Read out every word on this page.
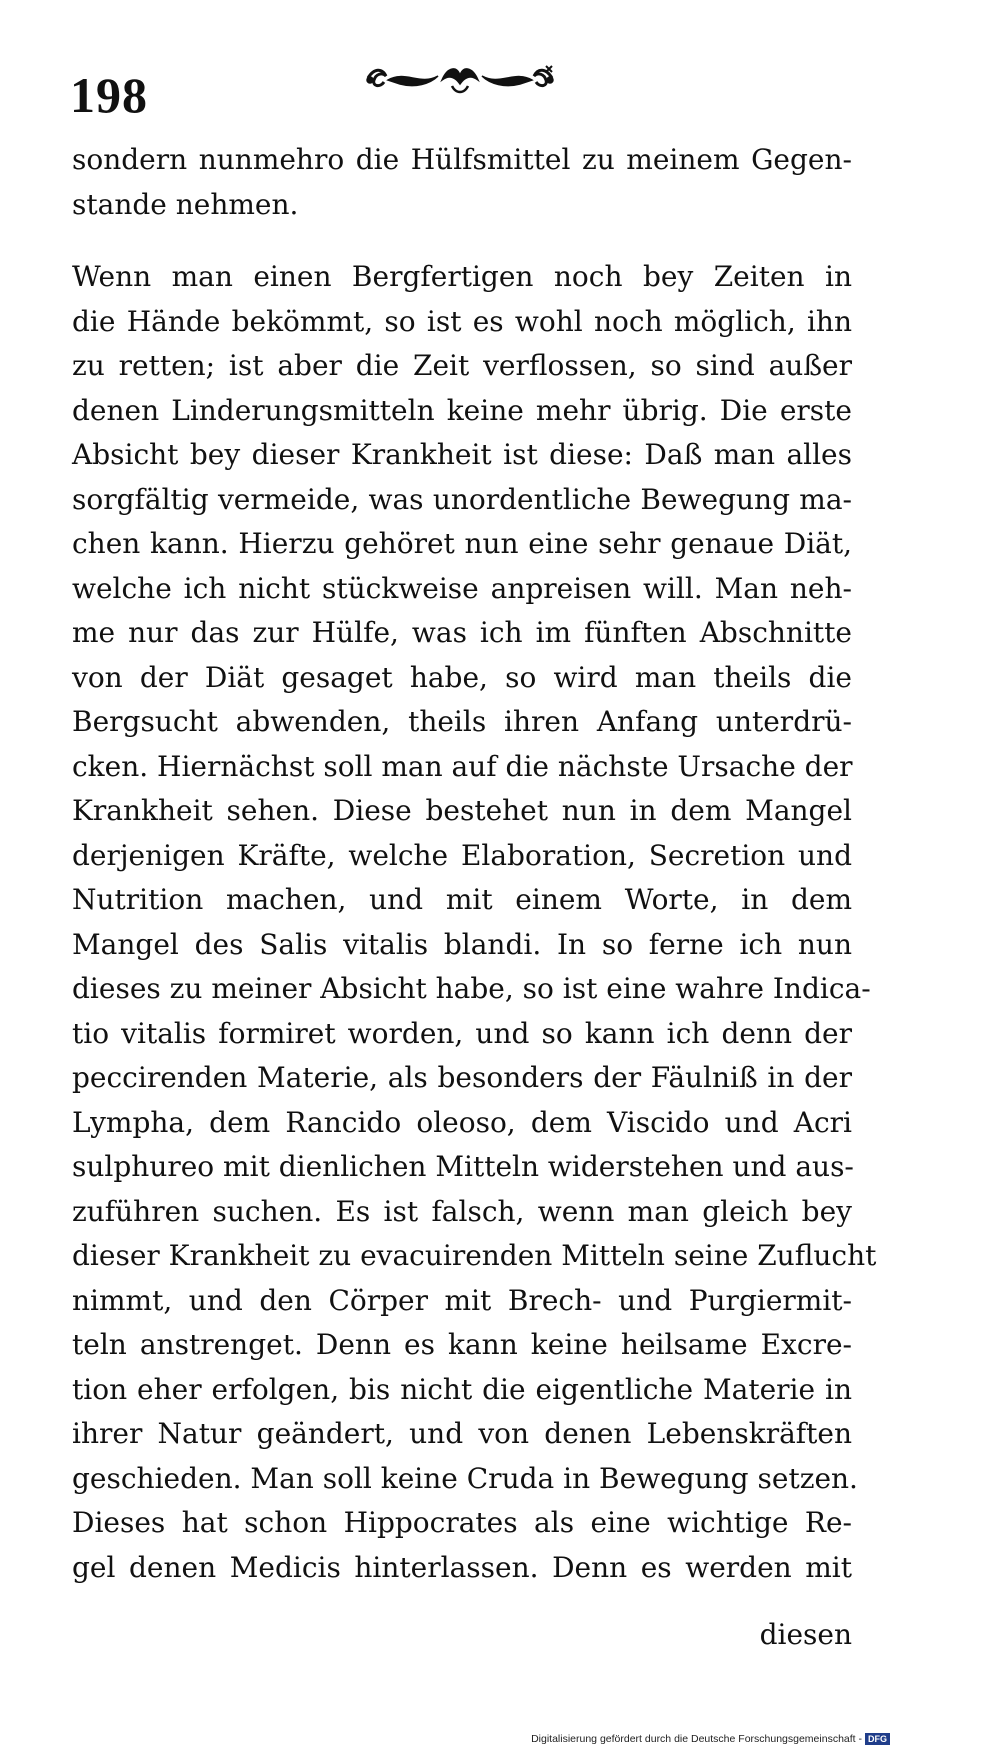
198
sondern nunmehro die Hülfsmittel zu meinem Gegen-
stande nehmen.
Wenn man einen Bergfertigen noch bey Zeiten in
die Hände bekömmt, so ist es wohl noch möglich, ihn
zu retten; ist aber die Zeit verflossen, so sind außer
denen Linderungsmitteln keine mehr übrig. Die erste
Absicht bey dieser Krankheit ist diese: Daß man alles
sorgfältig vermeide, was unordentliche Bewegung ma-
chen kann. Hierzu gehöret nun eine sehr genaue Diät,
welche ich nicht stückweise anpreisen will. Man neh-
me nur das zur Hülfe, was ich im fünften Abschnitte
von der Diät gesaget habe, so wird man theils die
Bergsucht abwenden, theils ihren Anfang unterdrü-
cken. Hiernächst soll man auf die nächste Ursache der
Krankheit sehen. Diese bestehet nun in dem Mangel
derjenigen Kräfte, welche Elaboration, Secretion und
Nutrition machen, und mit einem Worte, in dem
Mangel des Salis vitalis blandi. In so ferne ich nun
dieses zu meiner Absicht habe, so ist eine wahre Indica-
tio vitalis formiret worden, und so kann ich denn der
peccirenden Materie, als besonders der Fäulniß in der
Lympha, dem Rancido oleoso, dem Viscido und Acri
sulphureo mit dienlichen Mitteln widerstehen und aus-
zuführen suchen. Es ist falsch, wenn man gleich bey
dieser Krankheit zu evacuirenden Mitteln seine Zuflucht
nimmt, und den Cörper mit Brech- und Purgiermit-
teln anstrenget. Denn es kann keine heilsame Excre-
tion eher erfolgen, bis nicht die eigentliche Materie in
ihrer Natur geändert, und von denen Lebenskräften
geschieden. Man soll keine Cruda in Bewegung setzen.
Dieses hat schon Hippocrates als eine wichtige Re-
gel denen Medicis hinterlassen. Denn es werden mit
diesen
Digitalisierung gefördert durch die Deutsche Forschungsgemeinschaft - DFG
